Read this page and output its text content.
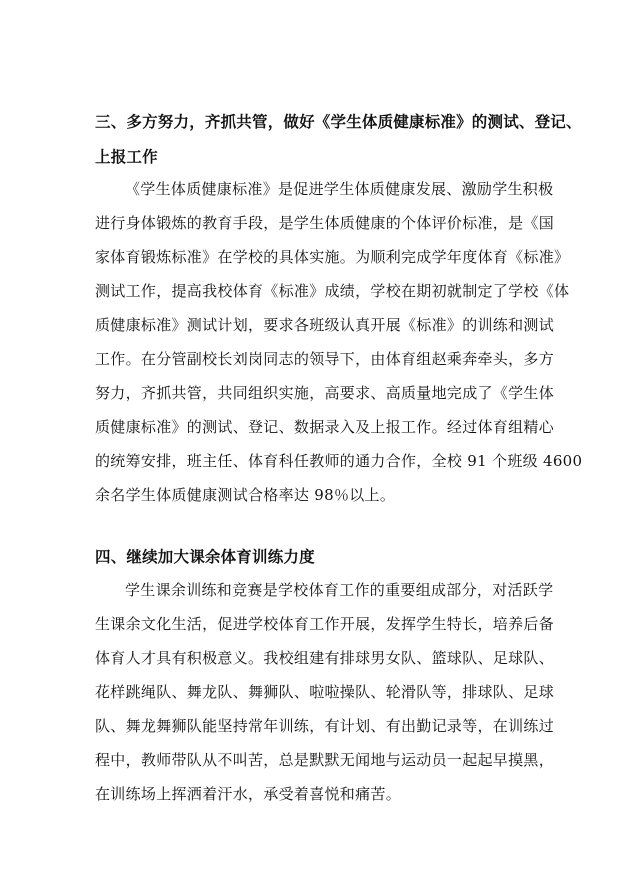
三、多方努力，齐抓共管，做好《学生体质健康标准》的测试、登记、
上报工作
《学生体质健康标准》是促进学生体质健康发展、激励学生积极
进行身体锻炼的教育手段，是学生体质健康的个体评价标准，是《国
家体育锻炼标准》在学校的具体实施。为顺利完成学年度体育《标准》
测试工作，提高我校体育《标准》成绩，学校在期初就制定了学校《体
质健康标准》测试计划，要求各班级认真开展《标准》的训练和测试
工作。在分管副校长刘岗同志的领导下，由体育组赵乘奔牵头，多方
努力，齐抓共管，共同组织实施，高要求、高质量地完成了《学生体
质健康标准》的测试、登记、数据录入及上报工作。经过体育组精心
的统筹安排，班主任、体育科任教师的通力合作，全校 91 个班级 4600
余名学生体质健康测试合格率达 98％以上。
四、继续加大课余体育训练力度
学生课余训练和竞赛是学校体育工作的重要组成部分，对活跃学
生课余文化生活，促进学校体育工作开展，发挥学生特长，培养后备
体育人才具有积极意义。我校组建有排球男女队、篮球队、足球队、
花样跳绳队、舞龙队、舞狮队、啦啦操队、轮滑队等，排球队、足球
队、舞龙舞狮队能坚持常年训练，有计划、有出勤记录等，在训练过
程中，教师带队从不叫苦，总是默默无闻地与运动员一起起早摸黑，
在训练场上挥洒着汗水，承受着喜悦和痛苦。
